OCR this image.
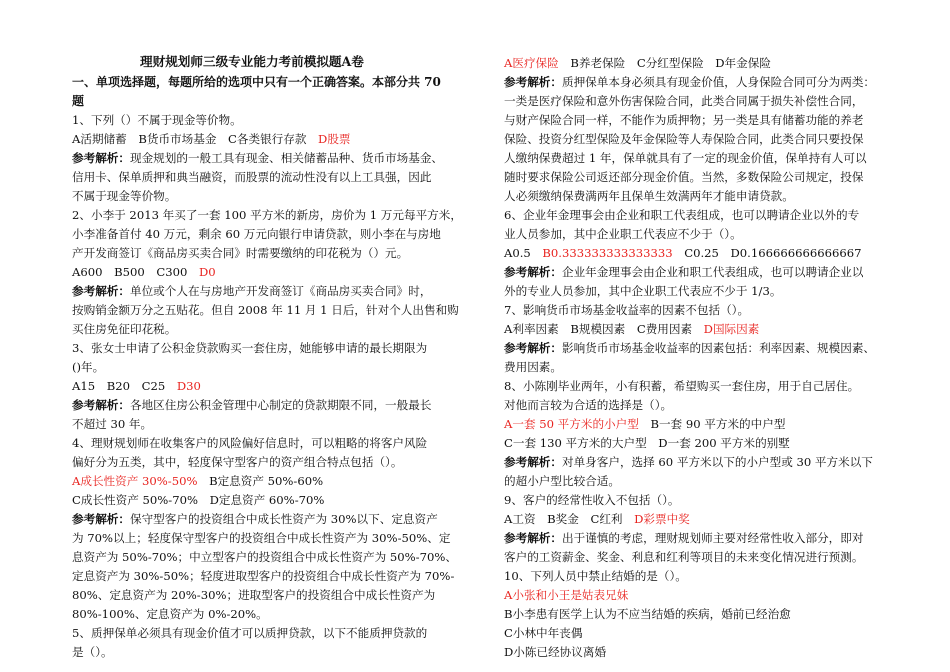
理财规划师三级专业能力考前模拟题A卷
一、单项选择题，每题所给的选项中只有一个正确答案。本部分共 70
题
1、下列（）不属于现金等价物。
A活期储蓄　B货币市场基金　C各类银行存款　D股票
参考解析：现金规划的一般工具有现金、相关储蓄品种、货币市场基金、
信用卡、保单质押和典当融资，而股票的流动性没有以上工具强，因此
不属于现金等价物。
2、小李于 2013 年买了一套 100 平方米的新房，房价为 1 万元每平方米，
小李准备首付 40 万元，剩余 60 万元向银行申请贷款，则小李在与房地
产开发商签订《商品房买卖合同》时需要缴纳的印花税为（）元。
A600　B500　C300　D0
参考解析：单位或个人在与房地产开发商签订《商品房买卖合同》时，
按购销金额万分之五贴花。但自 2008 年 11 月 1 日后，针对个人出售和购
买住房免征印花税。
3、张女士申请了公积金贷款购买一套住房，她能够申请的最长期限为
()年。
A15　B20　C25　D30
参考解析：各地区住房公积金管理中心制定的贷款期限不同，一般最长
不超过 30 年。
4、理财规划师在收集客户的风险偏好信息时，可以粗略的将客户风险
偏好分为五类，其中，轻度保守型客户的资产组合特点包括（）。
A成长性资产 30%-50%　B定息资产 50%-60%
C成长性资产 50%-70%　D定息资产 60%-70%
参考解析：保守型客户的投资组合中成长性资产为 30%以下、定息资产
为 70%以上；轻度保守型客户的投资组合中成长性资产为 30%-50%、定
息资产为 50%-70%；中立型客户的投资组合中成长性资产为 50%-70%、
定息资产为 30%-50%；轻度进取型客户的投资组合中成长性资产为 70%-
80%、定息资产为 20%-30%；进取型客户的投资组合中成长性资产为
80%-100%、定息资产为 0%-20%。
5、质押保单必须具有现金价值才可以质押贷款，以下不能质押贷款的
是（）。
A医疗保险　B养老保险　C分红型保险　D年金保险
参考解析：质押保单本身必须具有现金价值，人身保险合同可分为两类：
一类是医疗保险和意外伤害保险合同，此类合同属于损失补偿性合同，
与财产保险合同一样，不能作为质押物；另一类是具有储蓄功能的养老
保险、投资分红型保险及年金保险等人寿保险合同，此类合同只要投保
人缴纳保费超过 1 年，保单就具有了一定的现金价值，保单持有人可以
随时要求保险公司返还部分现金价值。当然，多数保险公司规定，投保
人必须缴纳保费满两年且保单生效满两年才能申请贷款。
6、企业年金理事会由企业和职工代表组成，也可以聘请企业以外的专
业人员参加，其中企业职工代表应不少于（）。
A0.5　B0.333333333333333　C0.25　D0.166666666666667
参考解析：企业年金理事会由企业和职工代表组成，也可以聘请企业以
外的专业人员参加，其中企业职工代表应不少于 1/3。
7、影响货币市场基金收益率的因素不包括（）。
A利率因素　B规模因素　C费用因素　D国际因素
参考解析：影响货币市场基金收益率的因素包括：利率因素、规模因素、
费用因素。
8、小陈刚毕业两年，小有积蓄，希望购买一套住房，用于自己居住。
对他而言较为合适的选择是（）。
A一套 50 平方米的小户型　B一套 90 平方米的中户型
C一套 130 平方米的大户型　D一套 200 平方米的别墅
参考解析：对单身客户，选择 60 平方米以下的小户型或 30 平方米以下
的超小户型比较合适。
9、客户的经常性收入不包括（）。
A工资　B奖金　C红利　D彩票中奖
参考解析：出于谨慎的考虑，理财规划师主要对经常性收入部分，即对
客户的工资薪金、奖金、利息和红利等项目的未来变化情况进行预测。
10、下列人员中禁止结婚的是（）。
A小张和小王是姑表兄妹
B小李患有医学上认为不应当结婚的疾病，婚前已经治愈
C小林中年丧偶
D小陈已经协议离婚
